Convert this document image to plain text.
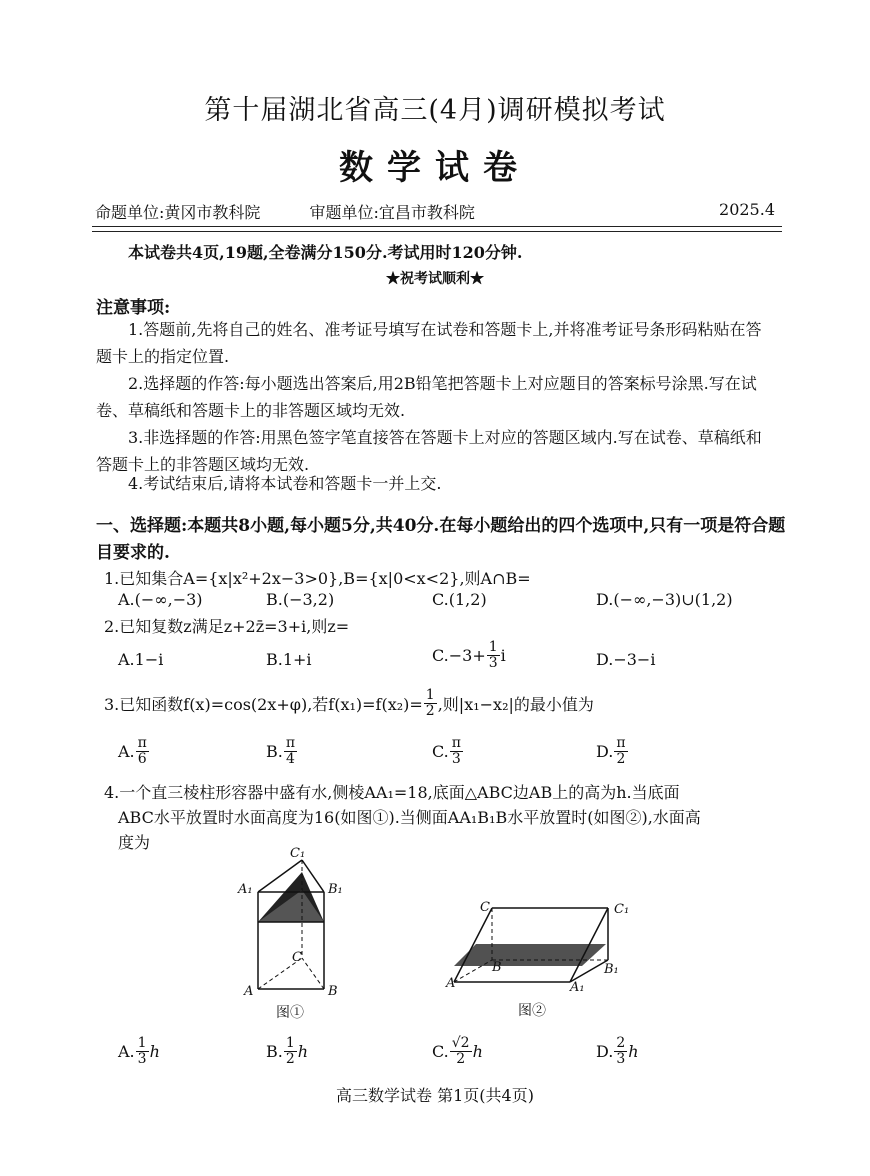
第十届湖北省高三(4月)调研模拟考试
数学试卷
命题单位:黄冈市教科院	审题单位:宜昌市教科院	2025.4
本试卷共4页,19题,全卷满分150分.考试用时120分钟.
★祝考试顺利★
注意事项:
1.答题前,先将自己的姓名、准考证号填写在试卷和答题卡上,并将准考证号条形码粘贴在答题卡上的指定位置.
2.选择题的作答:每小题选出答案后,用2B铅笔把答题卡上对应题目的答案标号涂黑.写在试卷、草稿纸和答题卡上的非答题区域均无效.
3.非选择题的作答:用黑色签字笔直接答在答题卡上对应的答题区域内.写在试卷、草稿纸和答题卡上的非答题区域均无效.
4.考试结束后,请将本试卷和答题卡一并上交.
一、选择题:本题共8小题,每小题5分,共40分.在每小题给出的四个选项中,只有一项是符合题目要求的.
1.已知集合A={x|x²+2x−3>0},B={x|0<x<2},则A∩B=
A.(−∞,−3)	B.(−3,2)	C.(1,2)	D.(−∞,−3)∪(1,2)
2.已知复数z满足z+2z̄=3+i,则z=
A.1−i	B.1+i	$C.-3+ \frac{1}{3}$ i	D.−3−i
3.已知函数f(x)=cos(2x+φ),若$f(x_1)=f(x_2)= \frac{1}{2}$ ,则|x₁−x₂|的最小值为
A. $\frac{\pi}{6}$	B. $\frac{\pi}{4}$	C. $\frac{\pi}{3}$	D. $\frac{\pi}{2}$
4.一个直三棱柱形容器中盛有水,侧棱AA₁=18,底面△ABC边AB上的高为h.当底面
ABC水平放置时水面高度为16(如图①).当侧面AA₁B₁B水平放置时(如图②),水面高
度为
C₁
A₁	B₁
C
A	B
图①
C	C₁
B	B₁
A	A₁
图②
A. $\frac{1}{3}$ h	B. $\frac{1}{2}$ h	C. $\frac{√2}{2}$ h	D. $\frac{2}{3}$ h
高三数学试卷 第1页(共4页)
